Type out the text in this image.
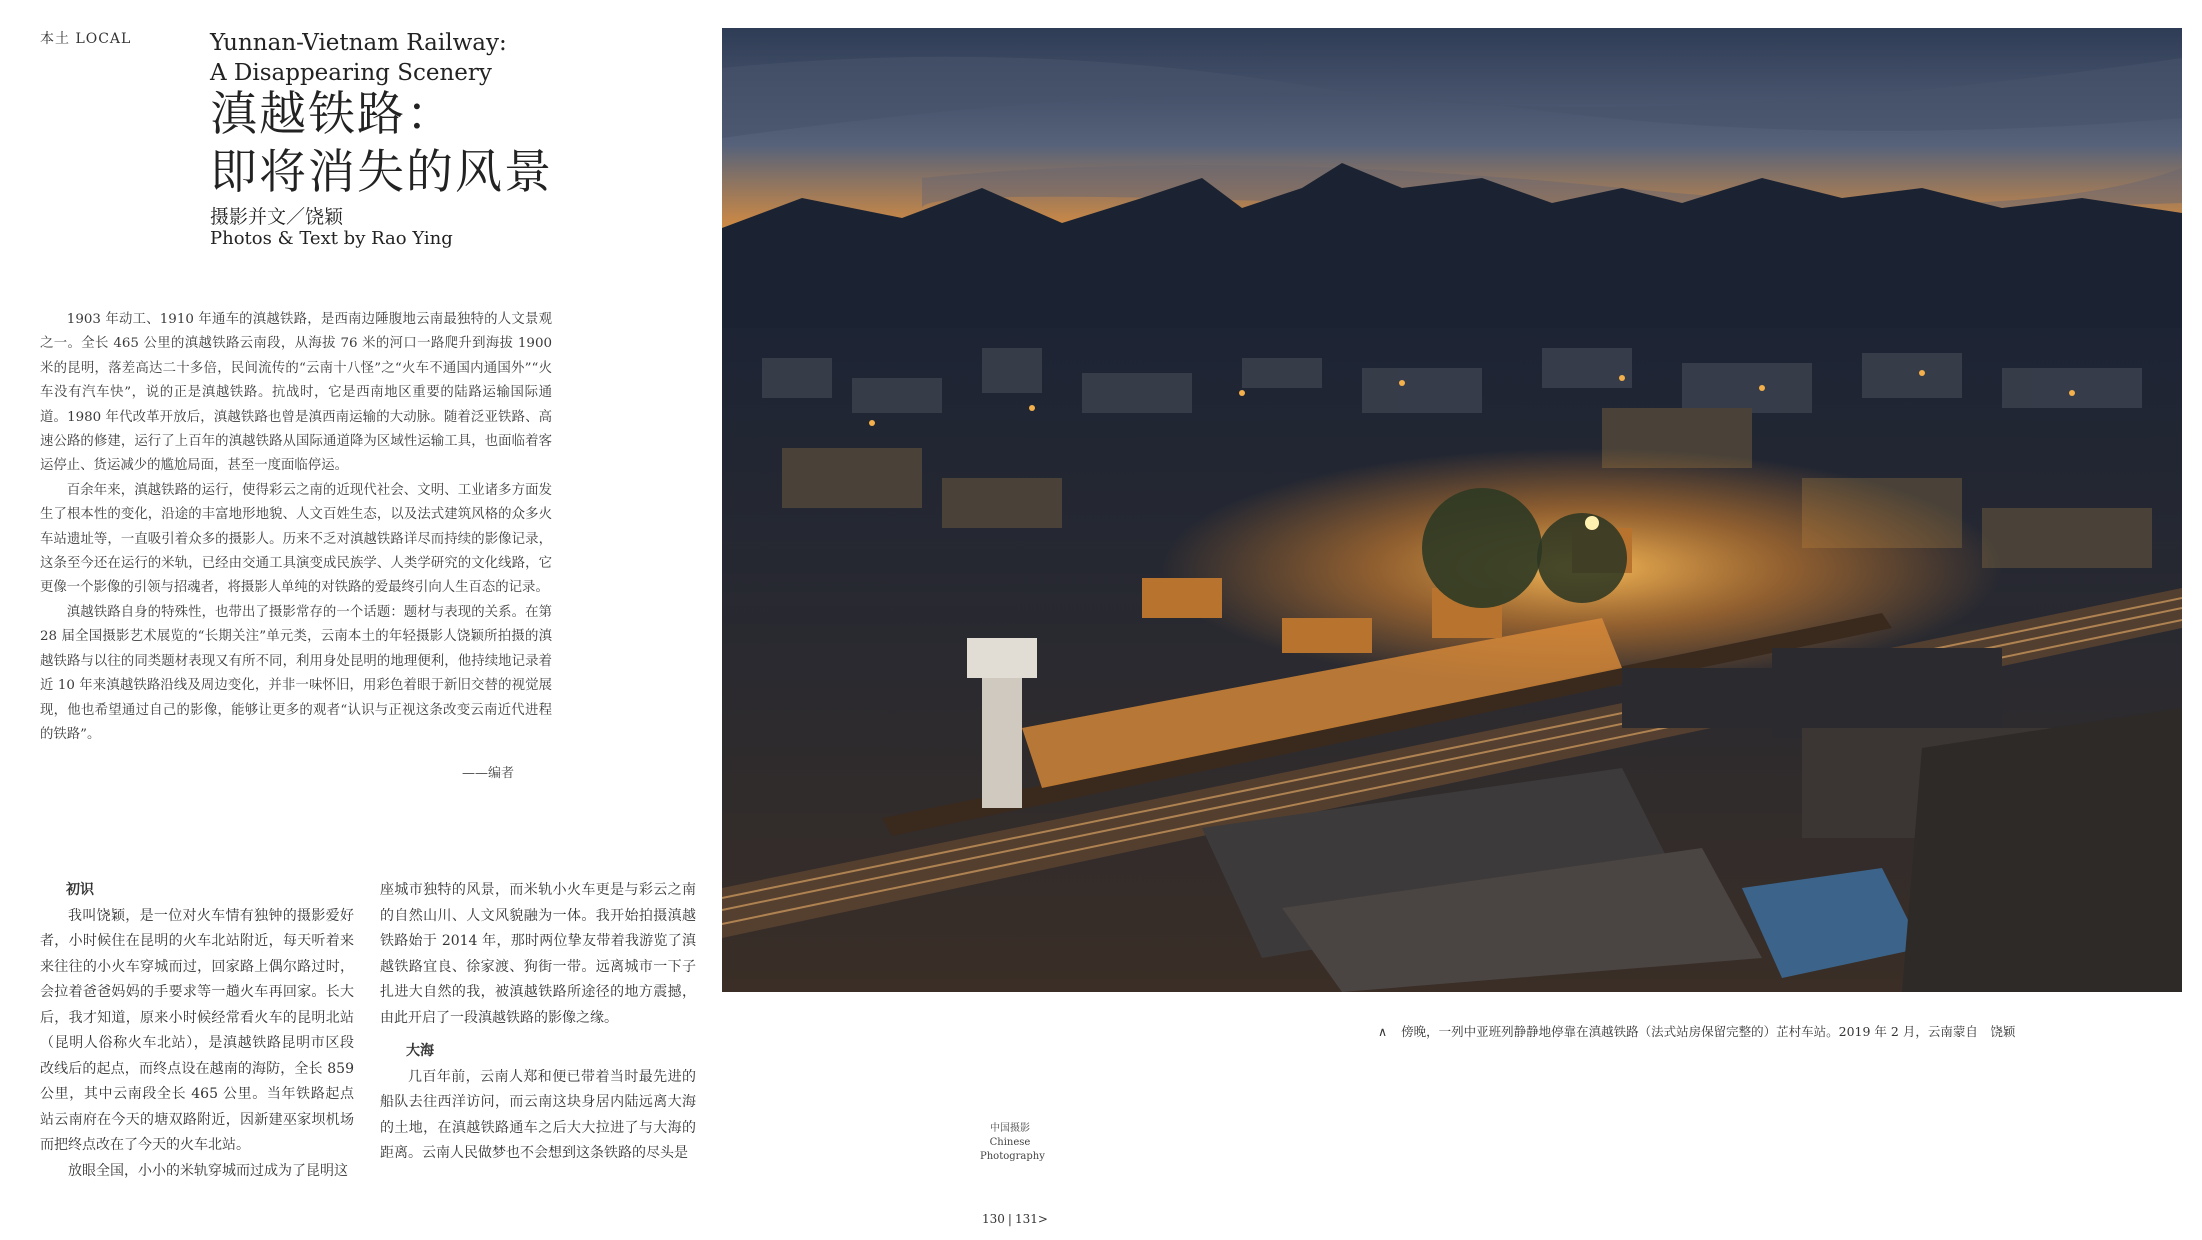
本土 LOCAL	Yunnan-Vietnam Railway:
A Disappearing Scenery
滇越铁路：
即将消失的风景
摄影并文／饶颖
Photos & Text by Rao Ying

1903 年动工、1910 年通车的滇越铁路，是西南边陲腹地云南最独特的人文景观之一。全长 465 公里的滇越铁路云南段，从海拔 76 米的河口一路爬升到海拔 1900 米的昆明，落差高达二十多倍，民间流传的“云南十八怪”之“火车不通国内通国外”“火车没有汽车快”，说的正是滇越铁路。抗战时，它是西南地区重要的陆路运输国际通道。1980 年代改革开放后，滇越铁路也曾是滇西南运输的大动脉。随着泛亚铁路、高速公路的修建，运行了上百年的滇越铁路从国际通道降为区域性运输工具，也面临着客运停止、货运减少的尴尬局面，甚至一度面临停运。

百余年来，滇越铁路的运行，使得彩云之南的近现代社会、文明、工业诸多方面发生了根本性的变化，沿途的丰富地形地貌、人文百姓生态，以及法式建筑风格的众多火车站遗址等，一直吸引着众多的摄影人。历来不乏对滇越铁路详尽而持续的影像记录，这条至今还在运行的米轨，已经由交通工具演变成民族学、人类学研究的文化线路，它更像一个影像的引领与招魂者，将摄影人单纯的对铁路的爱最终引向人生百态的记录。

滇越铁路自身的特殊性，也带出了摄影常存的一个话题：题材与表现的关系。在第 28 届全国摄影艺术展览的“长期关注”单元类，云南本土的年轻摄影人饶颖所拍摄的滇越铁路与以往的同类题材表现又有所不同，利用身处昆明的地理便利，他持续地记录着近 10 年来滇越铁路沿线及周边变化，并非一味怀旧，用彩色着眼于新旧交替的视觉展现，他也希望通过自己的影像，能够让更多的观者“认识与正视这条改变云南近代进程的铁路”。

——编者
初识

我叫饶颖，是一位对火车情有独钟的摄影爱好者，小时候住在昆明的火车北站附近，每天听着来来往往的小火车穿城而过，回家路上偶尔路过时，会拉着爸爸妈妈的手要求等一趟火车再回家。长大后，我才知道，原来小时候经常看火车的昆明北站（昆明人俗称火车北站），是滇越铁路昆明市区段改线后的起点，而终点设在越南的海防，全长 859 公里，其中云南段全长 465 公里。当年铁路起点站云南府在今天的塘双路附近，因新建巫家坝机场而把终点改在了今天的火车北站。

放眼全国，小小的米轨穿城而过成为了昆明这

座城市独特的风景，而米轨小火车更是与彩云之南的自然山川、人文风貌融为一体。我开始拍摄滇越铁路始于 2014 年，那时两位挚友带着我游览了滇越铁路宜良、徐家渡、狗街一带。远离城市一下子扎进大自然的我，被滇越铁路所途径的地方震撼，由此开启了一段滇越铁路的影像之缘。
大海

几百年前，云南人郑和便已带着当时最先进的船队去往西洋访问，而云南这块身居内陆远离大海的土地，在滇越铁路通车之后大大拉进了与大海的距离。云南人民做梦也不会想到这条铁路的尽头是

∧ 傍晚，一列中亚班列静静地停靠在滇越铁路（法式站房保留完整的）芷村车站。2019 年 2 月，云南蒙自　饶颖
中国摄影
Chinese
Photography
130 | 131>
